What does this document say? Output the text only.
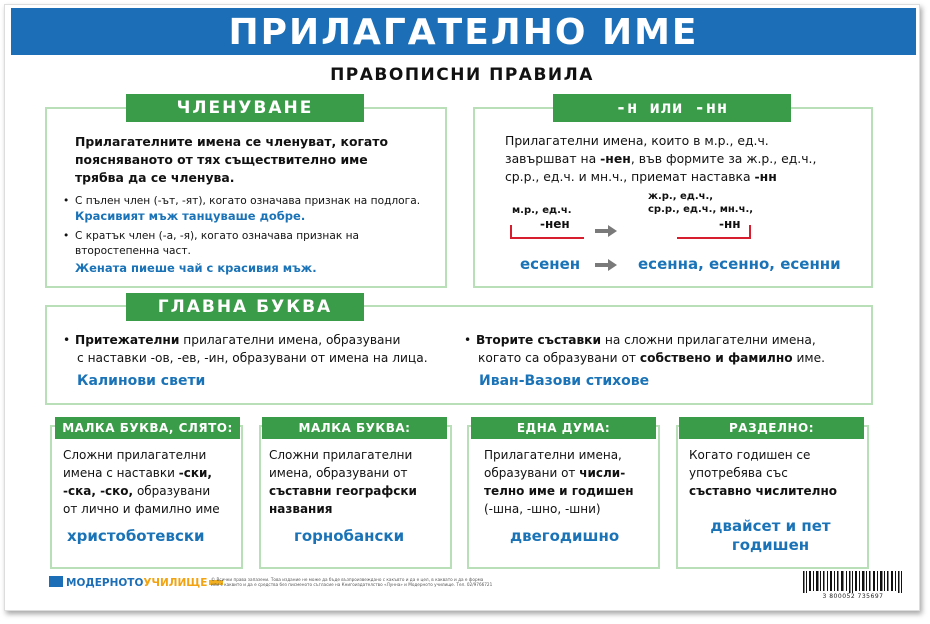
ПРИЛАГАТЕЛНО ИМЕ
ПРАВОПИСНИ ПРАВИЛА
ЧЛЕНУВАНЕ
Прилагателните имена се членуват, когато
поясняваното от тях съществително име
трябва да се членува.
• С пълен член (-ът, -ят), когато означава признак на подлога.
Красивият мъж танцуваше добре.
• С кратък член (-а, -я), когато означава признак на
второстепенна част.
Жената пиеше чай с красивия мъж.
-н или -нн
Прилагателни имена, които в м.р., ед.ч.
завършват на -нен, във формите за ж.р., ед.ч.,
ср.р., ед.ч. и мн.ч., приемат наставка -нн
м.р., ед.ч.
-нен
ж.р., ед.ч.,
ср.р., ед.ч., мн.ч.,
-нн
есенен	есенна, есенно, есенни
ГЛАВНА БУКВА
• Притежателни прилагателни имена, образувани
с наставки -ов, -ев, -ин, образувани от имена на лица.
Калинови свети
• Вторите съставки на сложни прилагателни имена,
когато са образувани от собствено и фамилно име.
Иван-Вазови стихове
МАЛКА БУКВА, СЛЯТО:
Сложни прилагателни
имена с наставки -ски,
-ска, -ско, образувани
от лично и фамилно име
христоботевски
МАЛКА БУКВА:
Сложни прилагателни
имена, образувани от
съставни географски
названия
горнобански
ЕДНА ДУМА:
Прилагателни имена,
образувани от числи-
телно име и годишен
(-шна, -шно, -шни)
двегодишно
РАЗДЕЛНО:
Когато годишен се
употребява със
съставно числително
двайсет и пет
годишен
МОДЕРНОТОУЧИЛИЩЕ © Всички права запазени. Това издание не може да бъде възпроизвеждано с какъвто и да е цел, в каквато и да е форма
или с каквито и да е средства без писменото съгласие на Книгоиздателство «Лунна» и Модерното училище. Тел. 02/9766721
3 800052 735697
